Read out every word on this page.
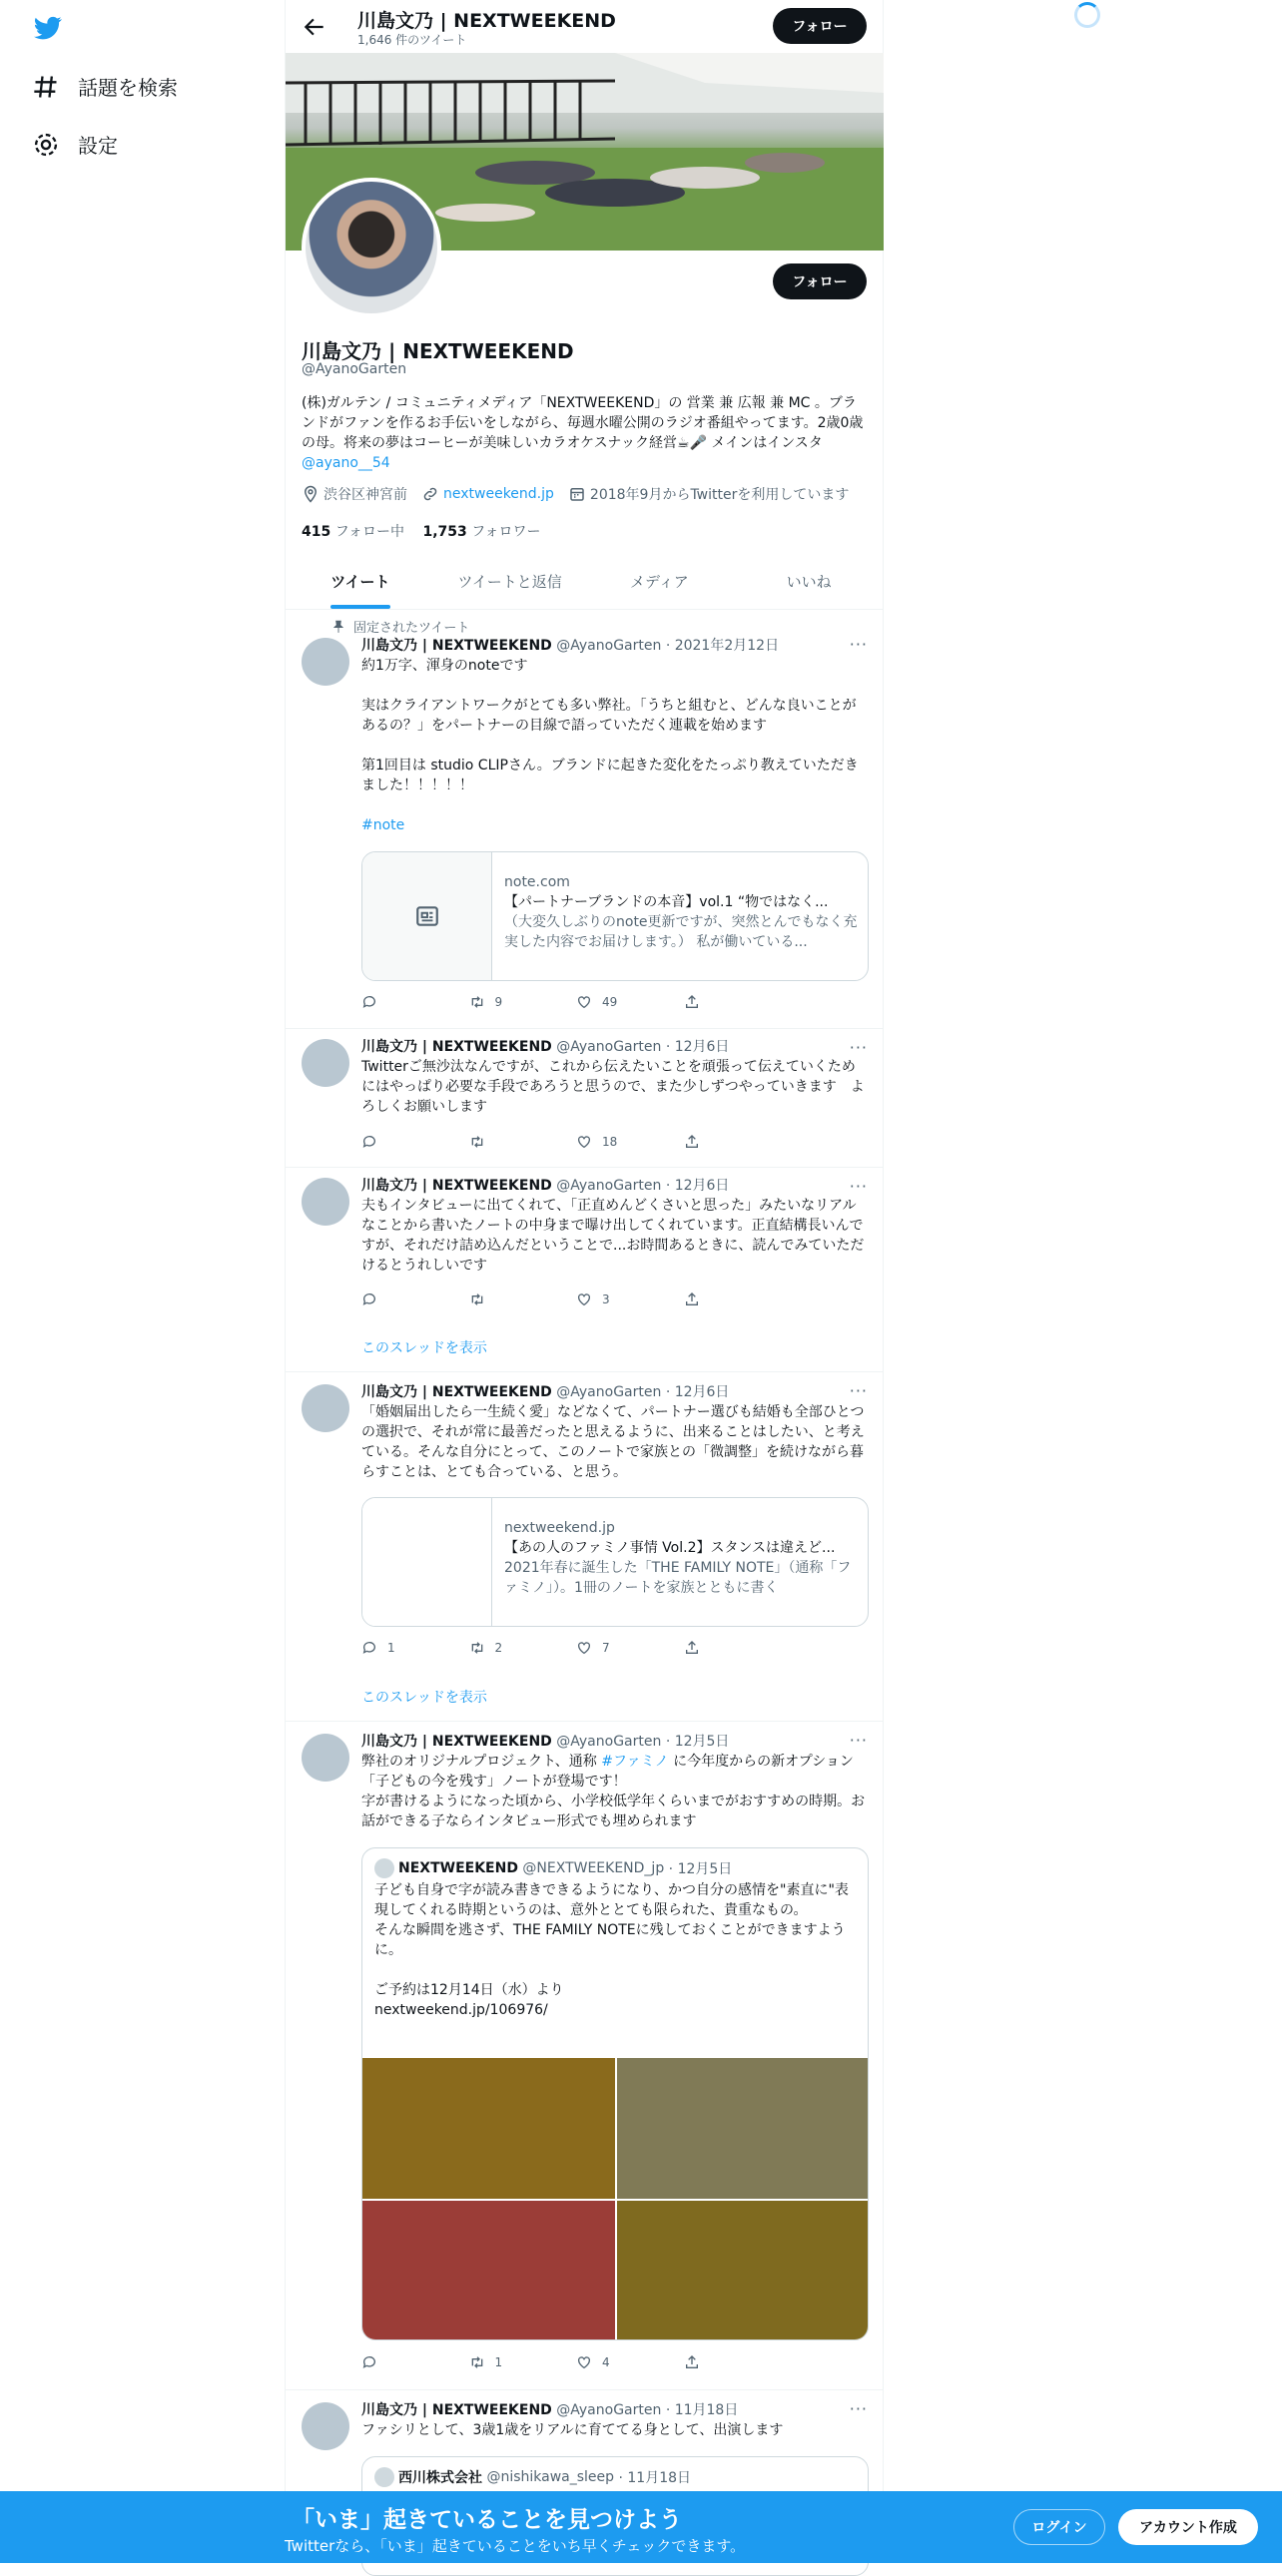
話題を検索
設定
川島文乃 | NEXTWEEKEND
1,646 件のツイート
フォロー
フォロー
川島文乃 | NEXTWEEKEND
@AyanoGarten
(株)ガルテン / コミュニティメディア「NEXTWEEKEND」の 営業 兼 広報 兼 MC 。ブランドがファンを作るお手伝いをしながら、毎週水曜公開のラジオ番組やってます。2歳0歳の母。将来の夢はコーヒーが美味しいカラオケスナック経営☕🎤 メインはインスタ @ayano__54
渋谷区神宮前	nextweekend.jp	2018年9月からTwitterを利用しています
415 フォロー中 1,753 フォロワー
ツイート	ツイートと返信	メディア	いいね
固定されたツイート
···
川島文乃 | NEXTWEEKEND @AyanoGarten · 2021年2月12日
約1万字、渾身のnoteです

実はクライアントワークがとても多い弊社。「うちと組むと、どんな良いことがあるの？」をパートナーの目線で語っていただく連載を始めます

第1回目は studio CLIPさん。ブランドに起きた変化をたっぷり教えていただきました！！！！！
#note
note.com
【パートナーブランドの本音】vol.1 “物ではなく...
（大変久しぶりのnote更新ですが、突然とんでもなく充実した内容でお届けします。） 私が働いている...
9	49
···
川島文乃 | NEXTWEEKEND @AyanoGarten · 12月6日
Twitterご無沙汰なんですが、これから伝えたいことを頑張って伝えていくためにはやっぱり必要な手段であろうと思うので、また少しずつやっていきます　よろしくお願いします
18
···
川島文乃 | NEXTWEEKEND @AyanoGarten · 12月6日
夫もインタビューに出てくれて、「正直めんどくさいと思った」みたいなリアルなことから書いたノートの中身まで曝け出してくれています。正直結構長いんですが、それだけ詰め込んだということで...お時間あるときに、読んでみていただけるとうれしいです
3
このスレッドを表示
···
川島文乃 | NEXTWEEKEND @AyanoGarten · 12月6日
「婚姻届出したら一生続く愛」などなくて、パートナー選びも結婚も全部ひとつの選択で、それが常に最善だったと思えるように、出来ることはしたい、と考えている。そんな自分にとって、このノートで家族との「微調整」を続けながら暮らすことは、とても合っている、と思う。
nextweekend.jp
【あの人のファミノ事情 Vol.2】スタンスは違えど...
2021年春に誕生した「THE FAMILY NOTE」（通称「ファミノ」）。1冊のノートを家族とともに書く
1	2	7
このスレッドを表示
···
川島文乃 | NEXTWEEKEND @AyanoGarten · 12月5日
弊社のオリジナルプロジェクト、通称 #ファミノ に今年度からの新オプション「子どもの今を残す」ノートが登場です！
字が書けるようになった頃から、小学校低学年くらいまでがおすすめの時期。お話ができる子ならインタビュー形式でも埋められます
NEXTWEEKEND
@NEXTWEEKEND_jp
· 12月5日
子ども自身で字が読み書きできるようになり、かつ自分の感情を"素直に"表現してくれる時期というのは、意外ととても限られた、貴重なもの。
そんな瞬間を逃さず、THE FAMILY NOTEに残しておくことができますように。

ご予約は12月14日（水）より
nextweekend.jp/106976/
1	4
···
川島文乃 | NEXTWEEKEND @AyanoGarten · 11月18日
ファシリとして、3歳1歳をリアルに育ててる身として、出演します
西川株式会社
@nishikawa_sleep
· 11月18日
「いま」起きていることを見つけよう
Twitterなら、「いま」起きていることをいち早くチェックできます。
ログイン	アカウント作成
